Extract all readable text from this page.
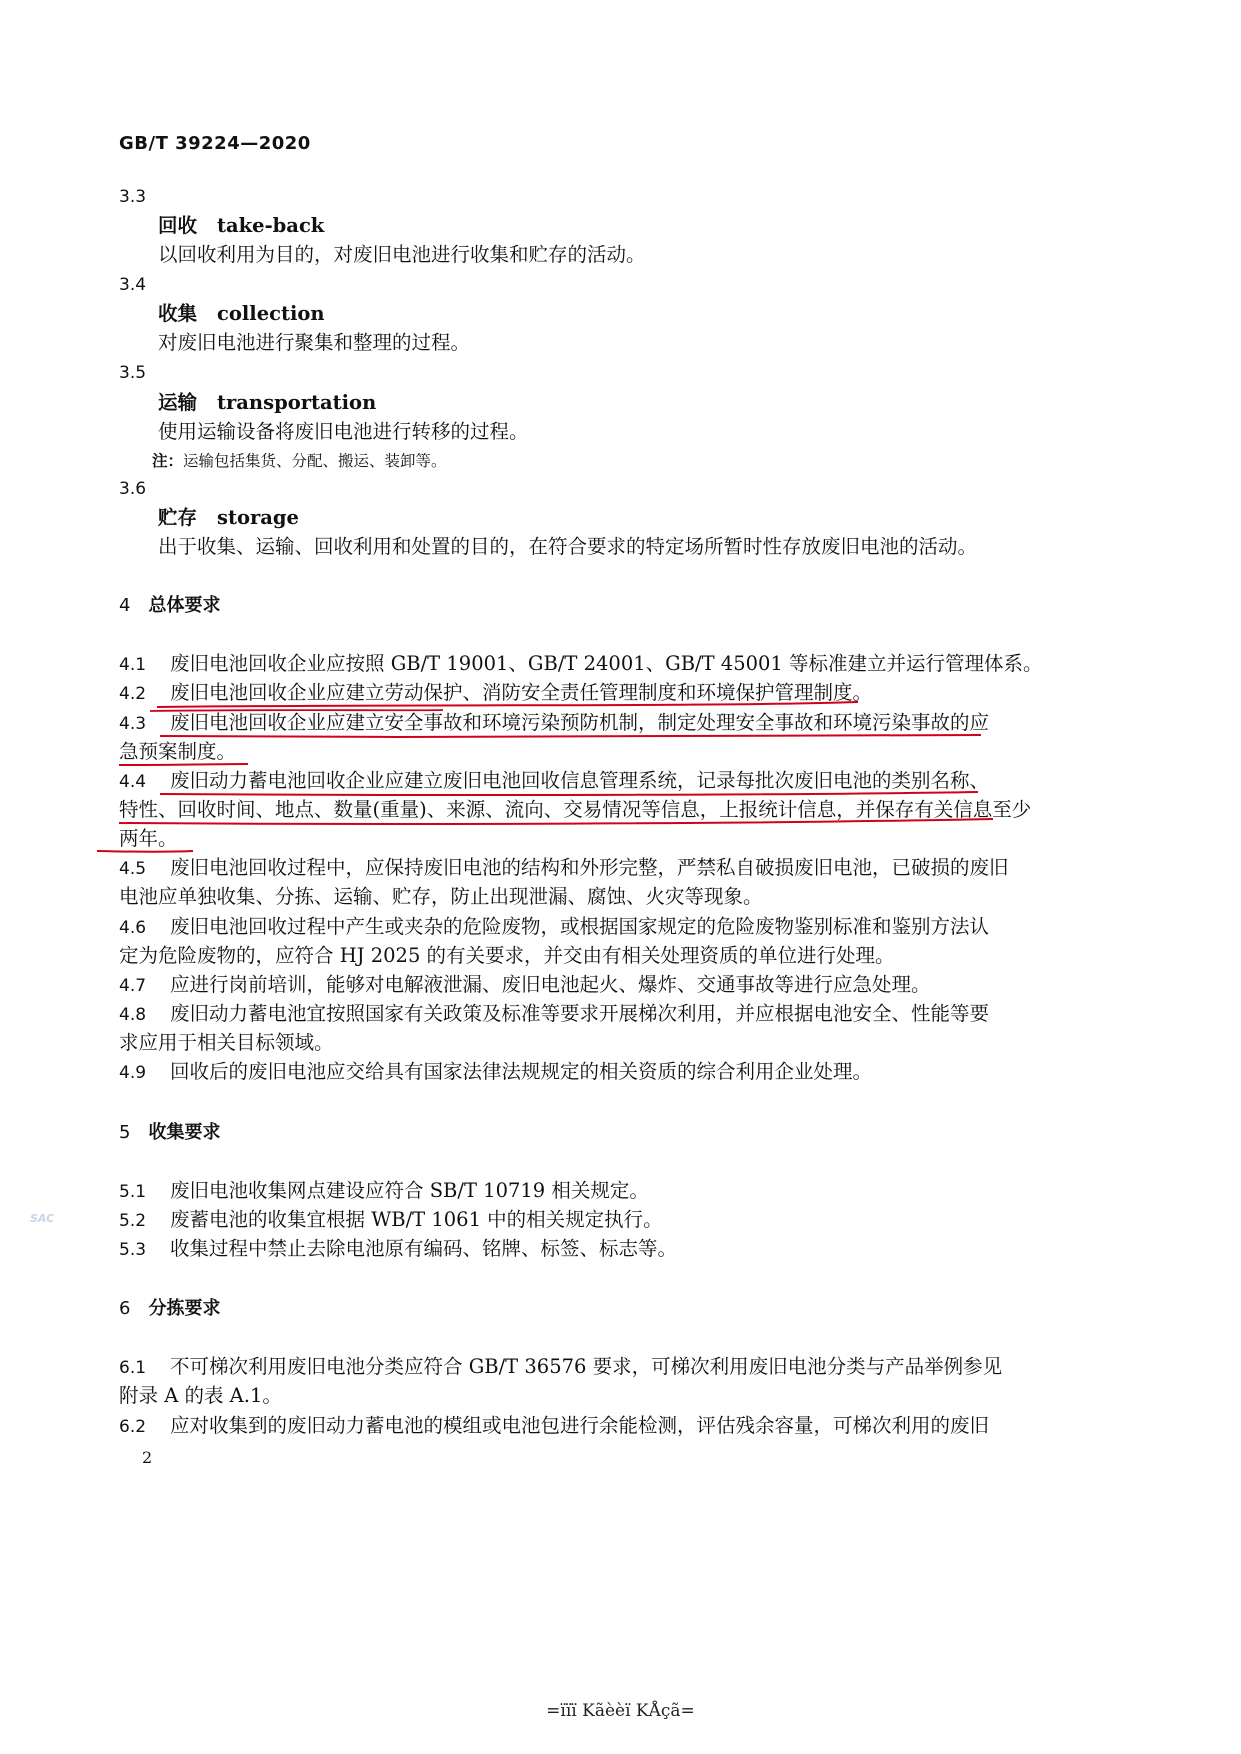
GB/T 39224—2020
3.3
回收 take-back
以回收利用为目的，对废旧电池进行收集和贮存的活动。
3.4
收集 collection
对废旧电池进行聚集和整理的过程。
3.5
运输 transportation
使用运输设备将废旧电池进行转移的过程。
注：运输包括集货、分配、搬运、装卸等。
3.6
贮存 storage
出于收集、运输、回收利用和处置的目的，在符合要求的特定场所暂时性存放废旧电池的活动。
4 总体要求
4.1 废旧电池回收企业应按照 GB/T 19001、GB/T 24001、GB/T 45001 等标准建立并运行管理体系。
4.2 废旧电池回收企业应建立劳动保护、消防安全责任管理制度和环境保护管理制度。
4.3 废旧电池回收企业应建立安全事故和环境污染预防机制，制定处理安全事故和环境污染事故的应
急预案制度。
4.4 废旧动力蓄电池回收企业应建立废旧电池回收信息管理系统，记录每批次废旧电池的类别名称、
特性、回收时间、地点、数量(重量)、来源、流向、交易情况等信息，上报统计信息，并保存有关信息至少
两年。
4.5 废旧电池回收过程中，应保持废旧电池的结构和外形完整，严禁私自破损废旧电池，已破损的废旧
电池应单独收集、分拣、运输、贮存，防止出现泄漏、腐蚀、火灾等现象。
4.6 废旧电池回收过程中产生或夹杂的危险废物，或根据国家规定的危险废物鉴别标准和鉴别方法认
定为危险废物的，应符合 HJ 2025 的有关要求，并交由有相关处理资质的单位进行处理。
4.7 应进行岗前培训，能够对电解液泄漏、废旧电池起火、爆炸、交通事故等进行应急处理。
4.8 废旧动力蓄电池宜按照国家有关政策及标准等要求开展梯次利用，并应根据电池安全、性能等要
求应用于相关目标领域。
4.9 回收后的废旧电池应交给具有国家法律法规规定的相关资质的综合利用企业处理。
5 收集要求
5.1 废旧电池收集网点建设应符合 SB/T 10719 相关规定。
5.2 废蓄电池的收集宜根据 WB/T 1061 中的相关规定执行。
5.3 收集过程中禁止去除电池原有编码、铭牌、标签、标志等。
6 分拣要求
6.1 不可梯次利用废旧电池分类应符合 GB/T 36576 要求，可梯次利用废旧电池分类与产品举例参见
附录 A 的表 A.1。
6.2 应对收集到的废旧动力蓄电池的模组或电池包进行余能检测，评估残余容量，可梯次利用的废旧
SAC
2
=ïïï Kãèèï KÅçã=
